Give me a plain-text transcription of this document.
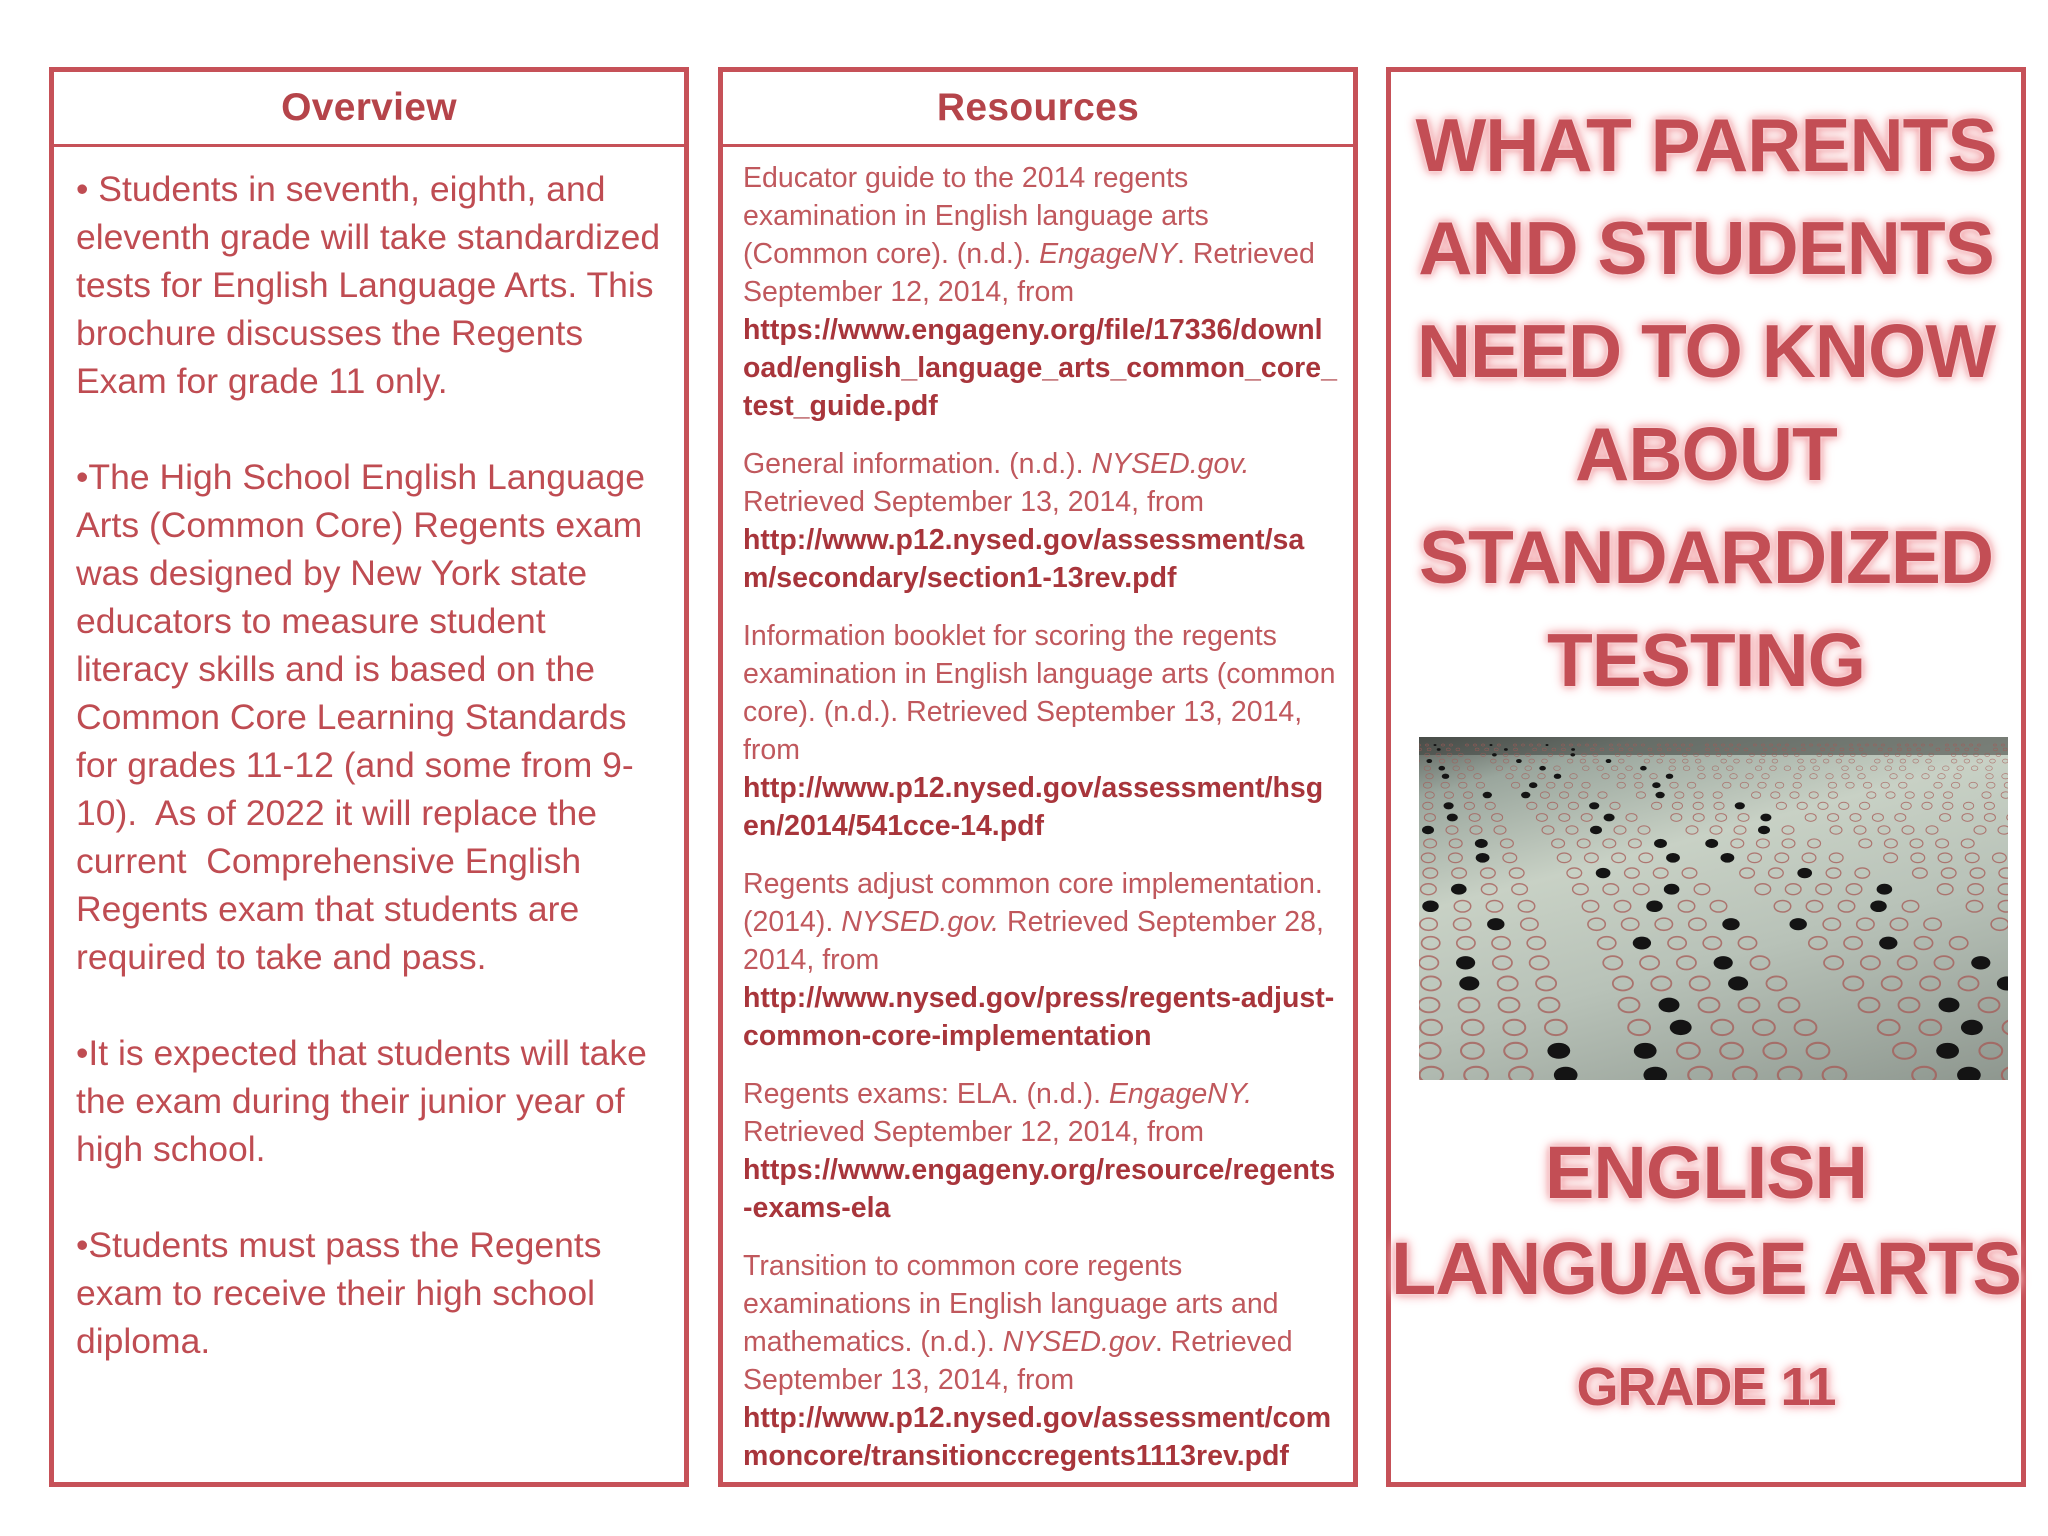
Overview

• Students in seventh, eighth, and eleventh grade will take standardized tests for English Language Arts. This brochure discusses the Regents Exam for grade 11 only.

•The High School English Language Arts (Common Core) Regents exam was designed by New York state educators to measure student literacy skills and is based on the Common Core Learning Standards for grades 11-12 (and some from 9-10).  As of 2022 it will replace the current  Comprehensive English Regents exam that students are required to take and pass.

•It is expected that students will take the exam during their junior year of high school.

•Students must pass the Regents exam to receive their high school diploma.

Resources

Educator guide to the 2014 regents examination in English language arts (Common core). (n.d.). EngageNY. Retrieved September 12, 2014, from
https://www.engageny.org/file/17336/download/english_language_arts_common_core_test_guide.pdf

General information. (n.d.). NYSED.gov. Retrieved September 13, 2014, from
http://www.p12.nysed.gov/assessment/sam/secondary/section1-13rev.pdf

Information booklet for scoring the regents examination in English language arts (common core). (n.d.). Retrieved September 13, 2014, from
http://www.p12.nysed.gov/assessment/hsgen/2014/541cce-14.pdf

Regents adjust common core implementation. (2014). NYSED.gov. Retrieved September 28, 2014, from
http://www.nysed.gov/press/regents-adjust-common-core-implementation

Regents exams: ELA. (n.d.). EngageNY. Retrieved September 12, 2014, from
https://www.engageny.org/resource/regents-exams-ela

Transition to common core regents examinations in English language arts and mathematics. (n.d.). NYSED.gov. Retrieved September 13, 2014, from
http://www.p12.nysed.gov/assessment/commoncore/transitionccregents1113rev.pdf

WHAT PARENTS AND STUDENTS NEED TO KNOW ABOUT STANDARDIZED TESTING
ENGLISH LANGUAGE ARTS
GRADE 11
